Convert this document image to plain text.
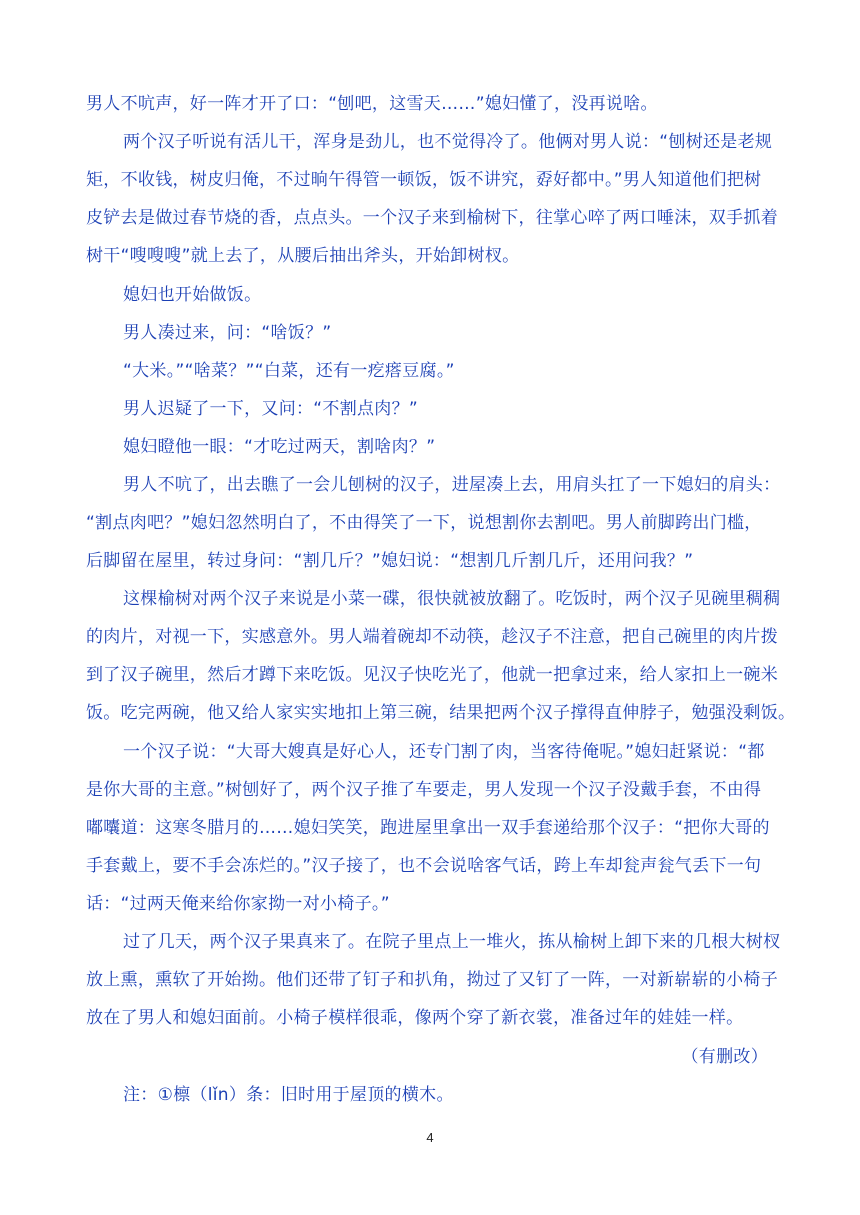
男人不吭声，好一阵才开了口：“刨吧，这雪天……”媳妇懂了，没再说啥。
两个汉子听说有活儿干，浑身是劲儿，也不觉得冷了。他俩对男人说：“刨树还是老规
矩，不收钱，树皮归俺，不过晌午得管一顿饭，饭不讲究，孬好都中。”男人知道他们把树
皮铲去是做过春节烧的香，点点头。一个汉子来到榆树下，往掌心啐了两口唾沫，双手抓着
树干“嗖嗖嗖”就上去了，从腰后抽出斧头，开始卸树杈。
媳妇也开始做饭。
男人凑过来，问：“啥饭？”
“大米。”“啥菜？”“白菜，还有一疙瘩豆腐。”
男人迟疑了一下，又问：“不割点肉？”
媳妇瞪他一眼：“才吃过两天，割啥肉？”
男人不吭了，出去瞧了一会儿刨树的汉子，进屋凑上去，用肩头扛了一下媳妇的肩头：
“割点肉吧？”媳妇忽然明白了，不由得笑了一下，说想割你去割吧。男人前脚跨出门槛，
后脚留在屋里，转过身问：“割几斤？”媳妇说：“想割几斤割几斤，还用问我？”
这棵榆树对两个汉子来说是小菜一碟，很快就被放翻了。吃饭时，两个汉子见碗里稠稠
的肉片，对视一下，实感意外。男人端着碗却不动筷，趁汉子不注意，把自己碗里的肉片拨
到了汉子碗里，然后才蹲下来吃饭。见汉子快吃光了，他就一把拿过来，给人家扣上一碗米
饭。吃完两碗，他又给人家实实地扣上第三碗，结果把两个汉子撑得直伸脖子，勉强没剩饭。
一个汉子说：“大哥大嫂真是好心人，还专门割了肉，当客待俺呢。”媳妇赶紧说：“都
是你大哥的主意。”树刨好了，两个汉子推了车要走，男人发现一个汉子没戴手套，不由得
嘟囔道：这寒冬腊月的……媳妇笑笑，跑进屋里拿出一双手套递给那个汉子：“把你大哥的
手套戴上，要不手会冻烂的。”汉子接了，也不会说啥客气话，跨上车却瓮声瓮气丢下一句
话：“过两天俺来给你家拗一对小椅子。”
过了几天，两个汉子果真来了。在院子里点上一堆火，拣从榆树上卸下来的几根大树杈
放上熏，熏软了开始拗。他们还带了钉子和扒角，拗过了又钉了一阵，一对新崭崭的小椅子
放在了男人和媳妇面前。小椅子模样很乖，像两个穿了新衣裳，准备过年的娃娃一样。
（有删改）
注：①檩（lǐn）条：旧时用于屋顶的横木。
4
